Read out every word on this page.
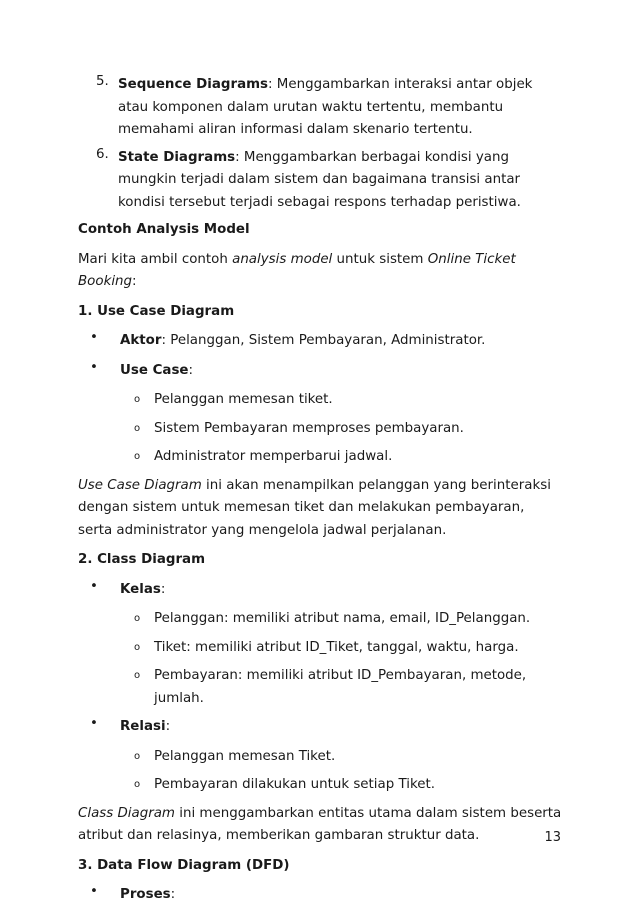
5. Sequence Diagrams: Menggambarkan interaksi antar objek atau komponen dalam urutan waktu tertentu, membantu memahami aliran informasi dalam skenario tertentu.

6. State Diagrams: Menggambarkan berbagai kondisi yang mungkin terjadi dalam sistem dan bagaimana transisi antar kondisi tersebut terjadi sebagai respons terhadap peristiwa.

Contoh Analysis Model

Mari kita ambil contoh analysis model untuk sistem Online Ticket Booking:

1. Use Case Diagram

•	Aktor: Pelanggan, Sistem Pembayaran, Administrator.

•	Use Case:

o	Pelanggan memesan tiket.

o	Sistem Pembayaran memproses pembayaran.

o	Administrator memperbarui jadwal.

Use Case Diagram ini akan menampilkan pelanggan yang berinteraksi dengan sistem untuk memesan tiket dan melakukan pembayaran, serta administrator yang mengelola jadwal perjalanan.

2. Class Diagram

•	Kelas:

o	Pelanggan: memiliki atribut nama, email, ID_Pelanggan.

o	Tiket: memiliki atribut ID_Tiket, tanggal, waktu, harga.

o	Pembayaran: memiliki atribut ID_Pembayaran, metode, jumlah.

•	Relasi:

o	Pelanggan memesan Tiket.

o	Pembayaran dilakukan untuk setiap Tiket.

Class Diagram ini menggambarkan entitas utama dalam sistem beserta atribut dan relasinya, memberikan gambaran struktur data.

3. Data Flow Diagram (DFD)

•	Proses:

13
